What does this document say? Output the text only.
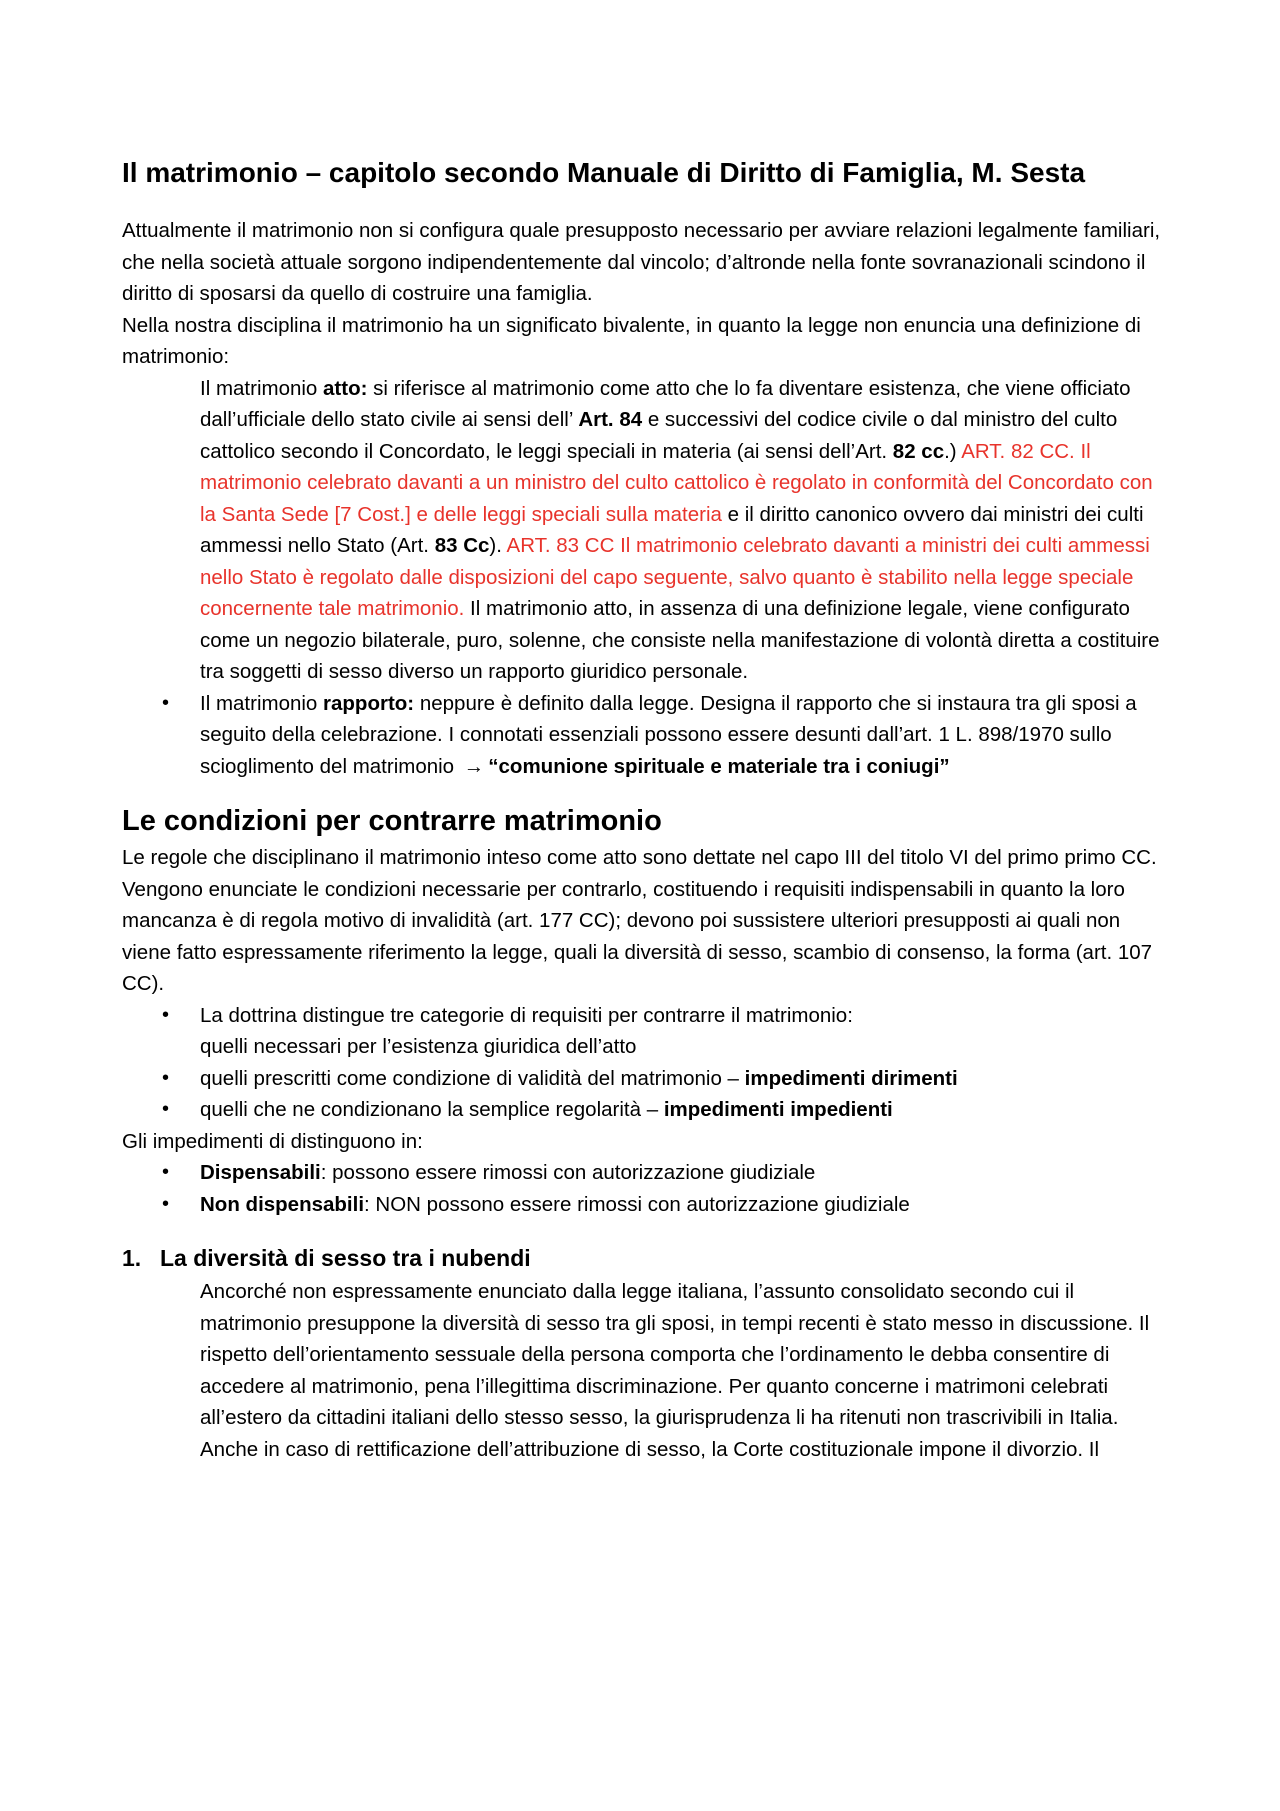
Il matrimonio – capitolo secondo Manuale di Diritto di Famiglia, M. Sesta

Attualmente il matrimonio non si configura quale presupposto necessario per avviare relazioni legalmente familiari, che nella società attuale sorgono indipendentemente dal vincolo; d’altronde nella fonte sovranazionali scindono il diritto di sposarsi da quello di costruire una famiglia.

Nella nostra disciplina il matrimonio ha un significato bivalente, in quanto la legge non enuncia una definizione di matrimonio:

Il matrimonio atto: si riferisce al matrimonio come atto che lo fa diventare esistenza, che viene officiato dall’ufficiale dello stato civile ai sensi dell’ Art. 84 e successivi del codice civile o dal ministro del culto cattolico secondo il Concordato, le leggi speciali in materia (ai sensi dell’Art. 82 cc.) ART. 82 CC. Il matrimonio celebrato davanti a un ministro del culto cattolico è regolato in conformità del Concordato con la Santa Sede [7 Cost.] e delle leggi speciali sulla materia e il diritto canonico ovvero dai ministri dei culti ammessi nello Stato (Art. 83 Cc). ART. 83 CC Il matrimonio celebrato davanti a ministri dei culti ammessi nello Stato è regolato dalle disposizioni del capo seguente, salvo quanto è stabilito nella legge speciale concernente tale matrimonio. Il matrimonio atto, in assenza di una definizione legale, viene configurato come un negozio bilaterale, puro, solenne, che consiste nella manifestazione di volontà diretta a costituire tra soggetti di sesso diverso un rapporto giuridico personale.

• Il matrimonio rapporto: neppure è definito dalla legge. Designa il rapporto che si instaura tra gli sposi a seguito della celebrazione. I connotati essenziali possono essere desunti dall’art. 1 L. 898/1970 sullo scioglimento del matrimonio → “comunione spirituale e materiale tra i coniugi”

Le condizioni per contrarre matrimonio

Le regole che disciplinano il matrimonio inteso come atto sono dettate nel capo III del titolo VI del primo primo CC. Vengono enunciate le condizioni necessarie per contrarlo, costituendo i requisiti indispensabili in quanto la loro mancanza è di regola motivo di invalidità (art. 177 CC); devono poi sussistere ulteriori presupposti ai quali non viene fatto espressamente riferimento la legge, quali la diversità di sesso, scambio di consenso, la forma (art. 107 CC).

• La dottrina distingue tre categorie di requisiti per contrarre il matrimonio:
quelli necessari per l’esistenza giuridica dell’atto

• quelli prescritti come condizione di validità del matrimonio – impedimenti dirimenti

• quelli che ne condizionano la semplice regolarità – impedimenti impedienti

Gli impedimenti di distinguono in:

• Dispensabili: possono essere rimossi con autorizzazione giudiziale

• Non dispensabili: NON possono essere rimossi con autorizzazione giudiziale

1. La diversità di sesso tra i nubendi

Ancorché non espressamente enunciato dalla legge italiana, l’assunto consolidato secondo cui il matrimonio presuppone la diversità di sesso tra gli sposi, in tempi recenti è stato messo in discussione. Il rispetto dell’orientamento sessuale della persona comporta che l’ordinamento le debba consentire di accedere al matrimonio, pena l’illegittima discriminazione. Per quanto concerne i matrimoni celebrati all’estero da cittadini italiani dello stesso sesso, la giurisprudenza li ha ritenuti non trascrivibili in Italia. Anche in caso di rettificazione dell’attribuzione di sesso, la Corte costituzionale impone il divorzio. Il
